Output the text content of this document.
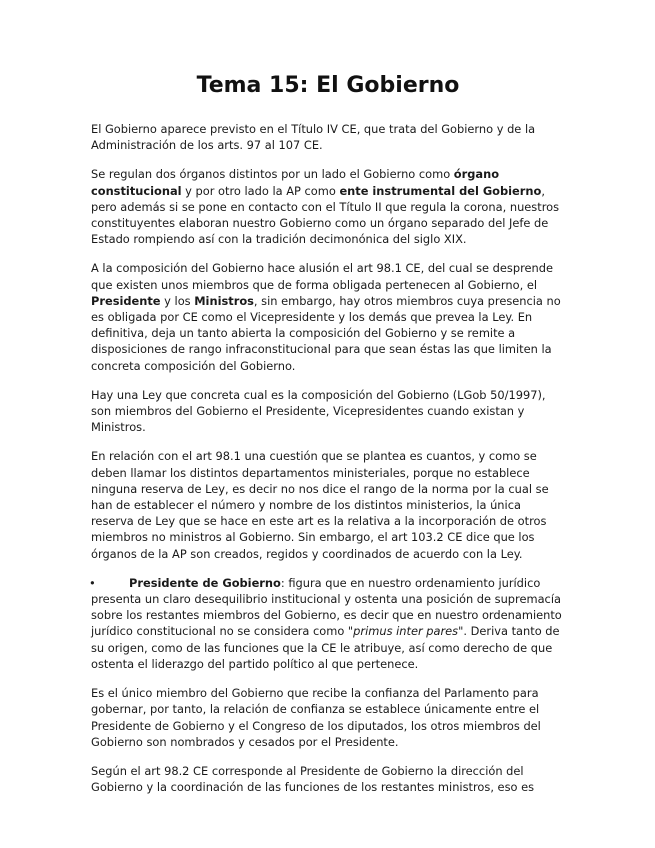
Tema 15: El Gobierno

El Gobierno aparece previsto en el Título IV CE, que trata del Gobierno y de la Administración de los arts. 97 al 107 CE.

Se regulan dos órganos distintos por un lado el Gobierno como órgano constitucional y por otro lado la AP como ente instrumental del Gobierno, pero además si se pone en contacto con el Título II que regula la corona, nuestros constituyentes elaboran nuestro Gobierno como un órgano separado del Jefe de Estado rompiendo así con la tradición decimonónica del siglo XIX.

A la composición del Gobierno hace alusión el art 98.1 CE, del cual se desprende que existen unos miembros que de forma obligada pertenecen al Gobierno, el Presidente y los Ministros, sin embargo, hay otros miembros cuya presencia no es obligada por CE como el Vicepresidente y los demás que prevea la Ley. En definitiva, deja un tanto abierta la composición del Gobierno y se remite a disposiciones de rango infraconstitucional para que sean éstas las que limiten la concreta composición del Gobierno.

Hay una Ley que concreta cual es la composición del Gobierno (LGob 50/1997), son miembros del Gobierno el Presidente, Vicepresidentes cuando existan y Ministros.

En relación con el art 98.1 una cuestión que se plantea es cuantos, y como se deben llamar los distintos departamentos ministeriales, porque no establece ninguna reserva de Ley, es decir no nos dice el rango de la norma por la cual se han de establecer el número y nombre de los distintos ministerios, la única reserva de Ley que se hace en este art es la relativa a la incorporación de otros miembros no ministros al Gobierno. Sin embargo, el art 103.2 CE dice que los órganos de la AP son creados, regidos y coordinados de acuerdo con la Ley.

•	Presidente de Gobierno: figura que en nuestro ordenamiento jurídico presenta un claro desequilibrio institucional y ostenta una posición de supremacía sobre los restantes miembros del Gobierno, es decir que en nuestro ordenamiento jurídico constitucional no se considera como "primus inter pares". Deriva tanto de su origen, como de las funciones que la CE le atribuye, así como derecho de que ostenta el liderazgo del partido político al que pertenece.

Es el único miembro del Gobierno que recibe la confianza del Parlamento para gobernar, por tanto, la relación de confianza se establece únicamente entre el Presidente de Gobierno y el Congreso de los diputados, los otros miembros del Gobierno son nombrados y cesados por el Presidente.

Según el art 98.2 CE corresponde al Presidente de Gobierno la dirección del Gobierno y la coordinación de las funciones de los restantes ministros, eso es
